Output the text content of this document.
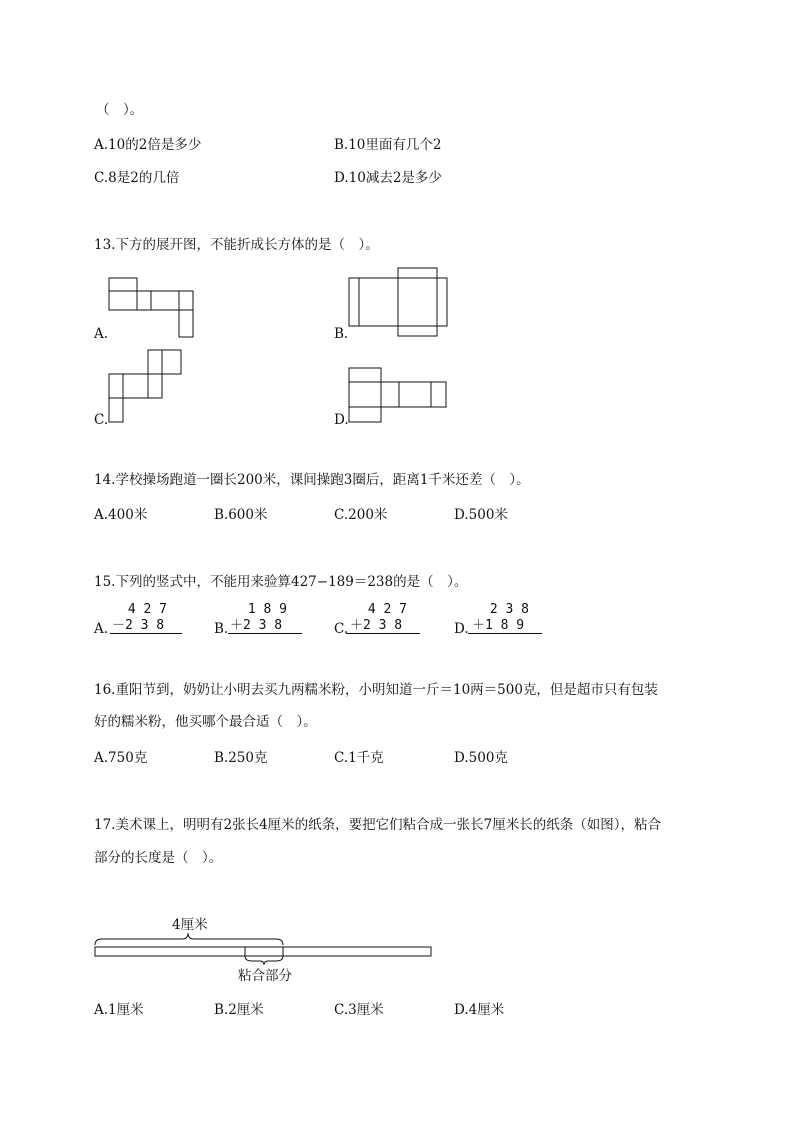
（　）。
A.10的2倍是多少	B.10里面有几个2
C.8是2的几倍	D.10减去2是多少
13.下方的展开图，不能折成长方体的是（　）。
A.	B.
C.	D.
14.学校操场跑道一圈长200米，课间操跑3圈后，距离1千米还差（　）。
A.400米	B.600米	C.200米	D.500米
15.下列的竖式中，不能用来验算427−189＝238的是（　）。
A.
4 2 7
－2 3 8	B.
1 8 9
＋2 3 8	C.
4 2 7
＋2 3 8	D.
2 3 8
＋1 8 9
16.重阳节到，奶奶让小明去买九两糯米粉，小明知道一斤＝10两＝500克，但是超市只有包装
好的糯米粉，他买哪个最合适（　）。
A.750克	B.250克	C.1千克	D.500克
17.美术课上，明明有2张长4厘米的纸条，要把它们粘合成一张长7厘米长的纸条（如图），粘合
部分的长度是（　）。
4厘米
粘合部分
A.1厘米	B.2厘米	C.3厘米	D.4厘米
